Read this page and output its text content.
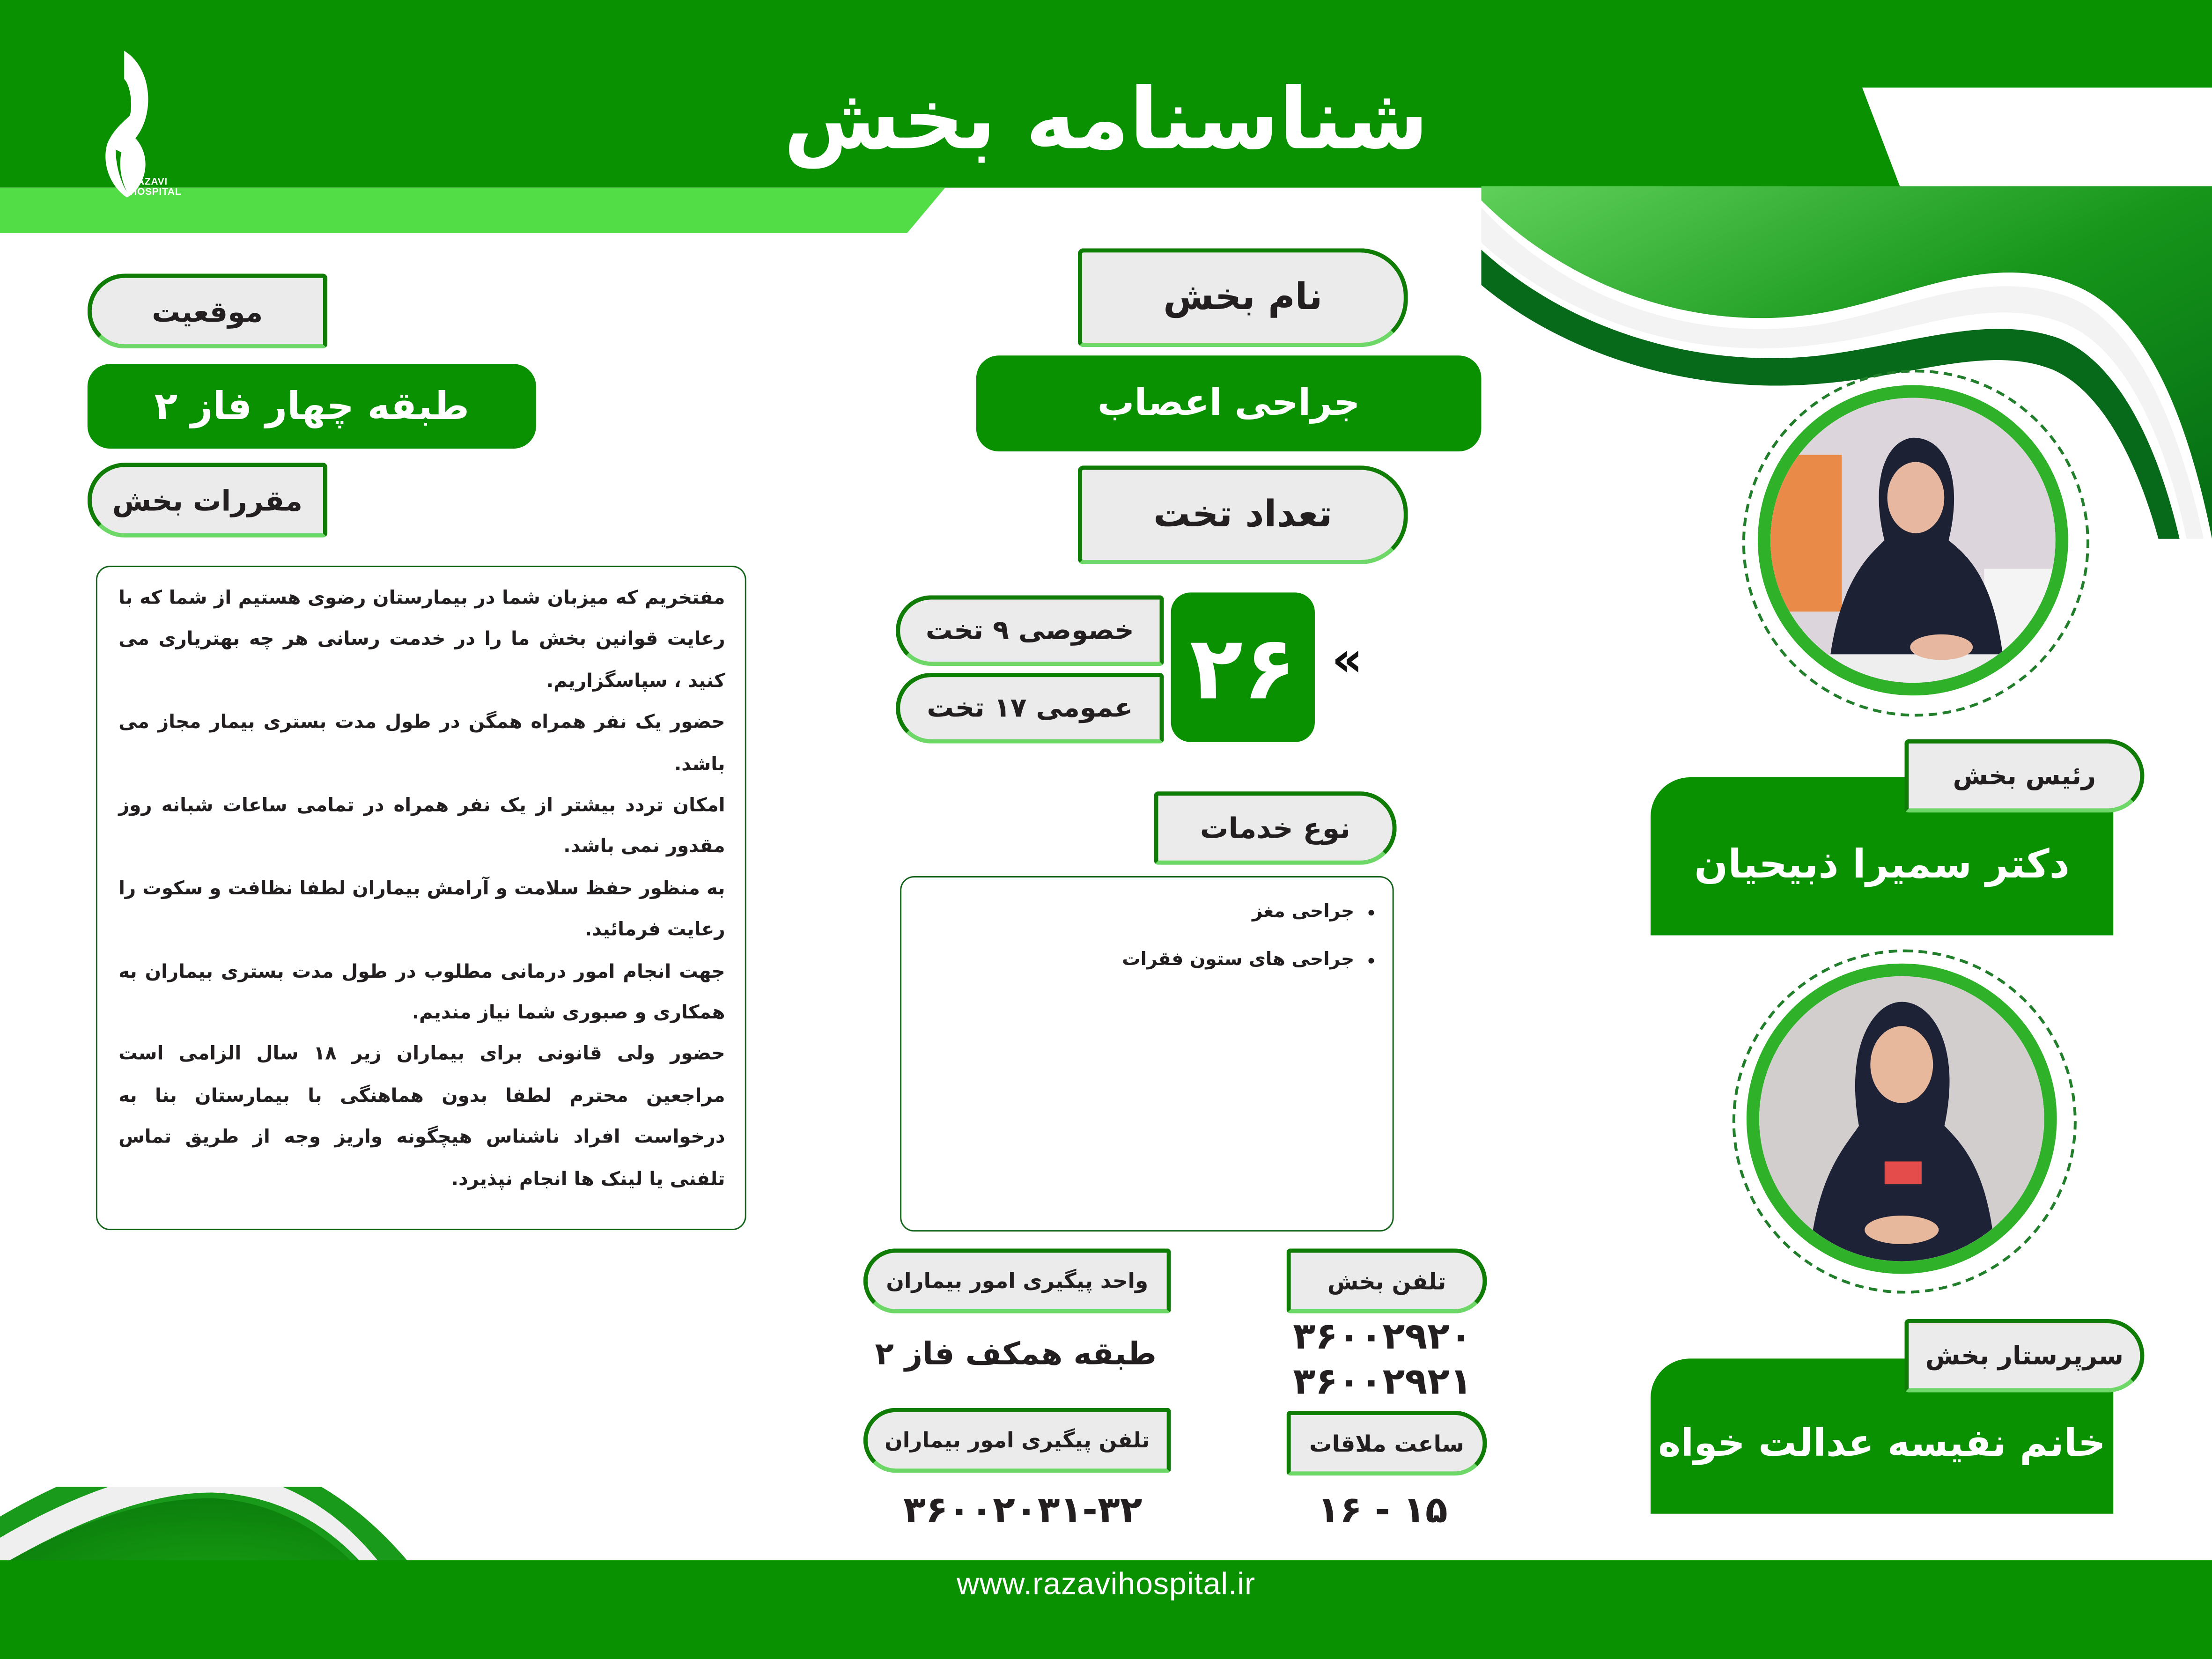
شناسنامه بخش
RAZAVI
HOSPITAL
موقعیت
طبقه چهار فاز ۲
مقررات بخش

مفتخریم که میزبان شما در بیمارستان رضوی هستیم از شما که با رعایت قوانین بخش ما را در خدمت رسانی هر چه بهتریاری می کنید ، سپاسگزاریم.

حضور یک نفر همراه همگن در طول مدت بستری بیمار مجاز می باشد.

امکان تردد بیشتر از یک نفر همراه در تمامی ساعات شبانه روز مقدور نمی باشد.

به منظور حفظ سلامت و آرامش بیماران لطفا نظافت و سکوت را رعایت فرمائید.

جهت انجام امور درمانی مطلوب در طول مدت بستری بیماران به همکاری و صبوری شما نیاز مندیم.

حضور ولی قانونی برای بیماران زیر ۱۸ سال الزامی است مراجعین محترم لطفا بدون هماهنگی با بیمارستان بنا به درخواست افراد ناشناس هیچگونه واریز وجه از طریق تماس تلفنی یا لینک ها انجام نپذیرد.

نام بخش
جراحی اعصاب
تعداد تخت
خصوصی ۹ تخت
عمومی ۱۷ تخت ۲۶ «
نوع خدمات
• جراحی مغز
• جراحی های ستون فقرات
واحد پیگیری امور بیماران
طبقه همکف فاز ۲
تلفن پیگیری امور بیماران
۳۶۰۰۲۰۳۱-۳۲
تلفن بخش
۳۶۰۰۲۹۲۰
۳۶۰۰۲۹۲۱
ساعت ملاقات
۱۵ - ۱۶
دکتر سمیرا ذبیحیان
رئیس بخش
خانم نفیسه عدالت خواه
سرپرستار بخش
www.razavihospital.ir
